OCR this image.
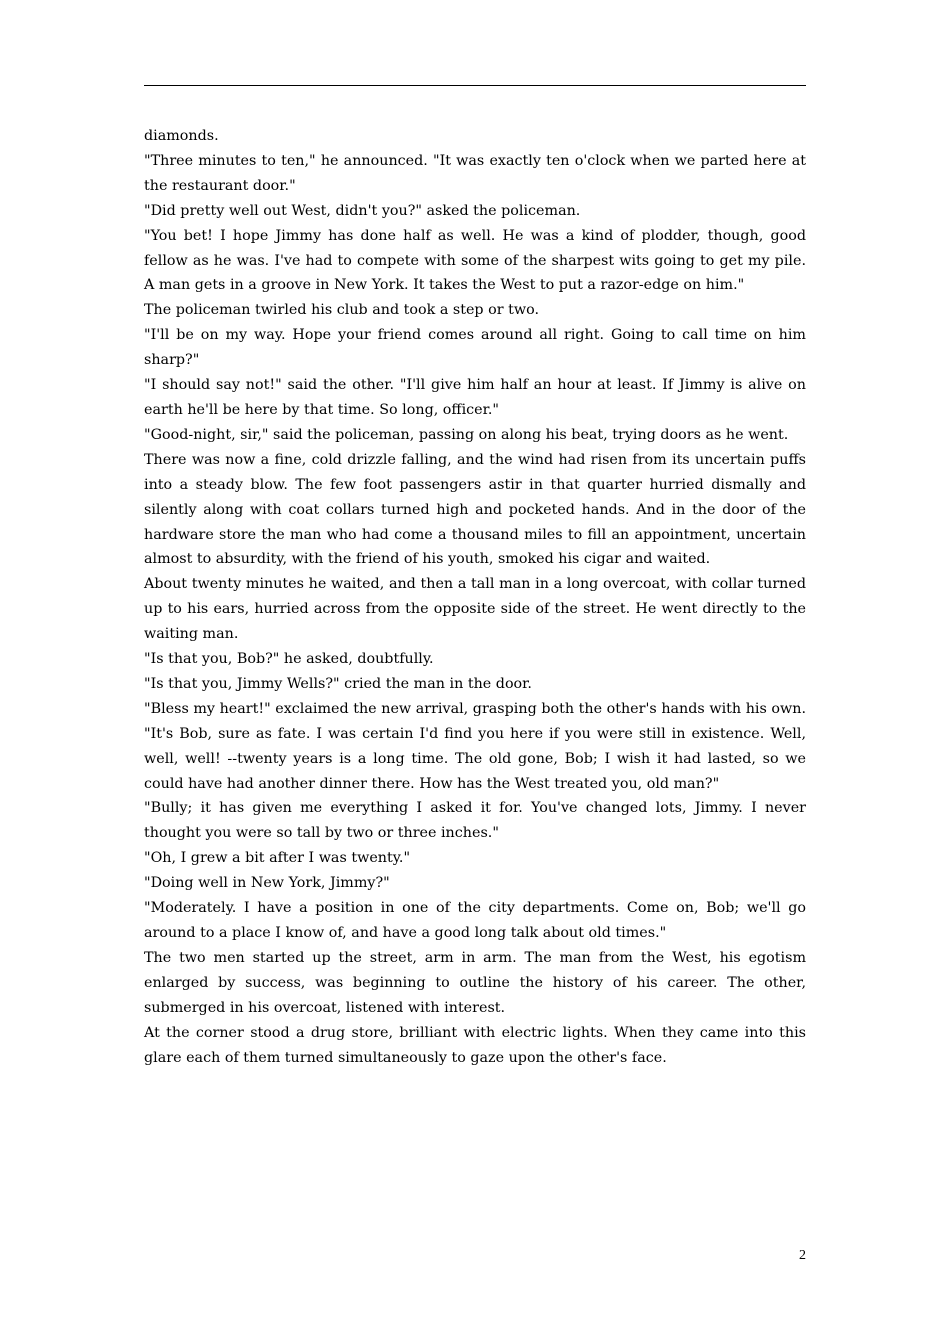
diamonds.

"Three minutes to ten," he announced. "It was exactly ten o'clock when we parted here at the restaurant door."

"Did pretty well out West, didn't you?" asked the policeman.

"You bet! I hope Jimmy has done half as well. He was a kind of plodder, though, good fellow as he was. I've had to compete with some of the sharpest wits going to get my pile. A man gets in a groove in New York. It takes the West to put a razor-edge on him."

The policeman twirled his club and took a step or two.

"I'll be on my way. Hope your friend comes around all right. Going to call time on him sharp?"

"I should say not!" said the other. "I'll give him half an hour at least. If Jimmy is alive on earth he'll be here by that time. So long, officer."

"Good-night, sir," said the policeman, passing on along his beat, trying doors as he went.

There was now a fine, cold drizzle falling, and the wind had risen from its uncertain puffs into a steady blow. The few foot passengers astir in that quarter hurried dismally and silently along with coat collars turned high and pocketed hands. And in the door of the hardware store the man who had come a thousand miles to fill an appointment, uncertain almost to absurdity, with the friend of his youth, smoked his cigar and waited.

About twenty minutes he waited, and then a tall man in a long overcoat, with collar turned up to his ears, hurried across from the opposite side of the street. He went directly to the waiting man.

"Is that you, Bob?" he asked, doubtfully.

"Is that you, Jimmy Wells?" cried the man in the door.

"Bless my heart!" exclaimed the new arrival, grasping both the other's hands with his own. "It's Bob, sure as fate. I was certain I'd find you here if you were still in existence. Well, well, well! --twenty years is a long time. The old gone, Bob; I wish it had lasted, so we could have had another dinner there. How has the West treated you, old man?"

"Bully; it has given me everything I asked it for. You've changed lots, Jimmy. I never thought you were so tall by two or three inches."

"Oh, I grew a bit after I was twenty."

"Doing well in New York, Jimmy?"

"Moderately. I have a position in one of the city departments. Come on, Bob; we'll go around to a place I know of, and have a good long talk about old times."

The two men started up the street, arm in arm. The man from the West, his egotism enlarged by success, was beginning to outline the history of his career. The other, submerged in his overcoat, listened with interest.

At the corner stood a drug store, brilliant with electric lights. When they came into this glare each of them turned simultaneously to gaze upon the other's face.

2
